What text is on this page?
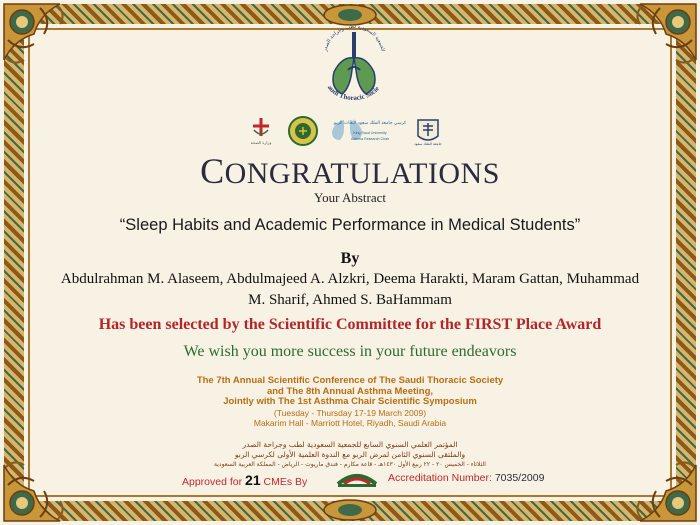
الجمعية السعودية لطب وجراحة الصدر
audi Thoracic Socie
وزارة الصحة
كرسي جامعة الملك سعود لأبحاث الربو
King Saud University
Asthma Research Chair
جامعة الملك سعود
CONGRATULATIONS
Your Abstract
“Sleep Habits and Academic Performance in Medical Students”
By
Abdulrahman M. Alaseem, Abdulmajeed A. Alzkri, Deema Harakti, Maram Gattan, Muhammad
M. Sharif, Ahmed S. BaHammam
Has been selected by the Scientific Committee for the FIRST Place Award
We wish you more success in your future endeavors
The 7th Annual Scientific Conference of The Saudi Thoracic Society
and The 8th Annual Asthma Meeting,
Jointly with The 1st Asthma Chair Scientific Symposium
(Tuesday - Thursday 17-19 March 2009)
Makarim Hall - Marriott Hotel, Riyadh, Saudi Arabia
المؤتمر العلمي السنوي السابع للجمعية السعودية لطب وجراحة الصدر
والملتقى السنوي الثامن لمرض الربو مع الندوة العلمية الأولى لكرسي الربو
الثلاثاء - الخميس ٢٠ - ٢٢ ربيع الأول ١٤٣٠هـ - قاعة مكارم - فندق ماريوت - الرياض - المملكة العربية السعودية
Approved for 21 CMEs By	Accreditation Number: 7035/2009
